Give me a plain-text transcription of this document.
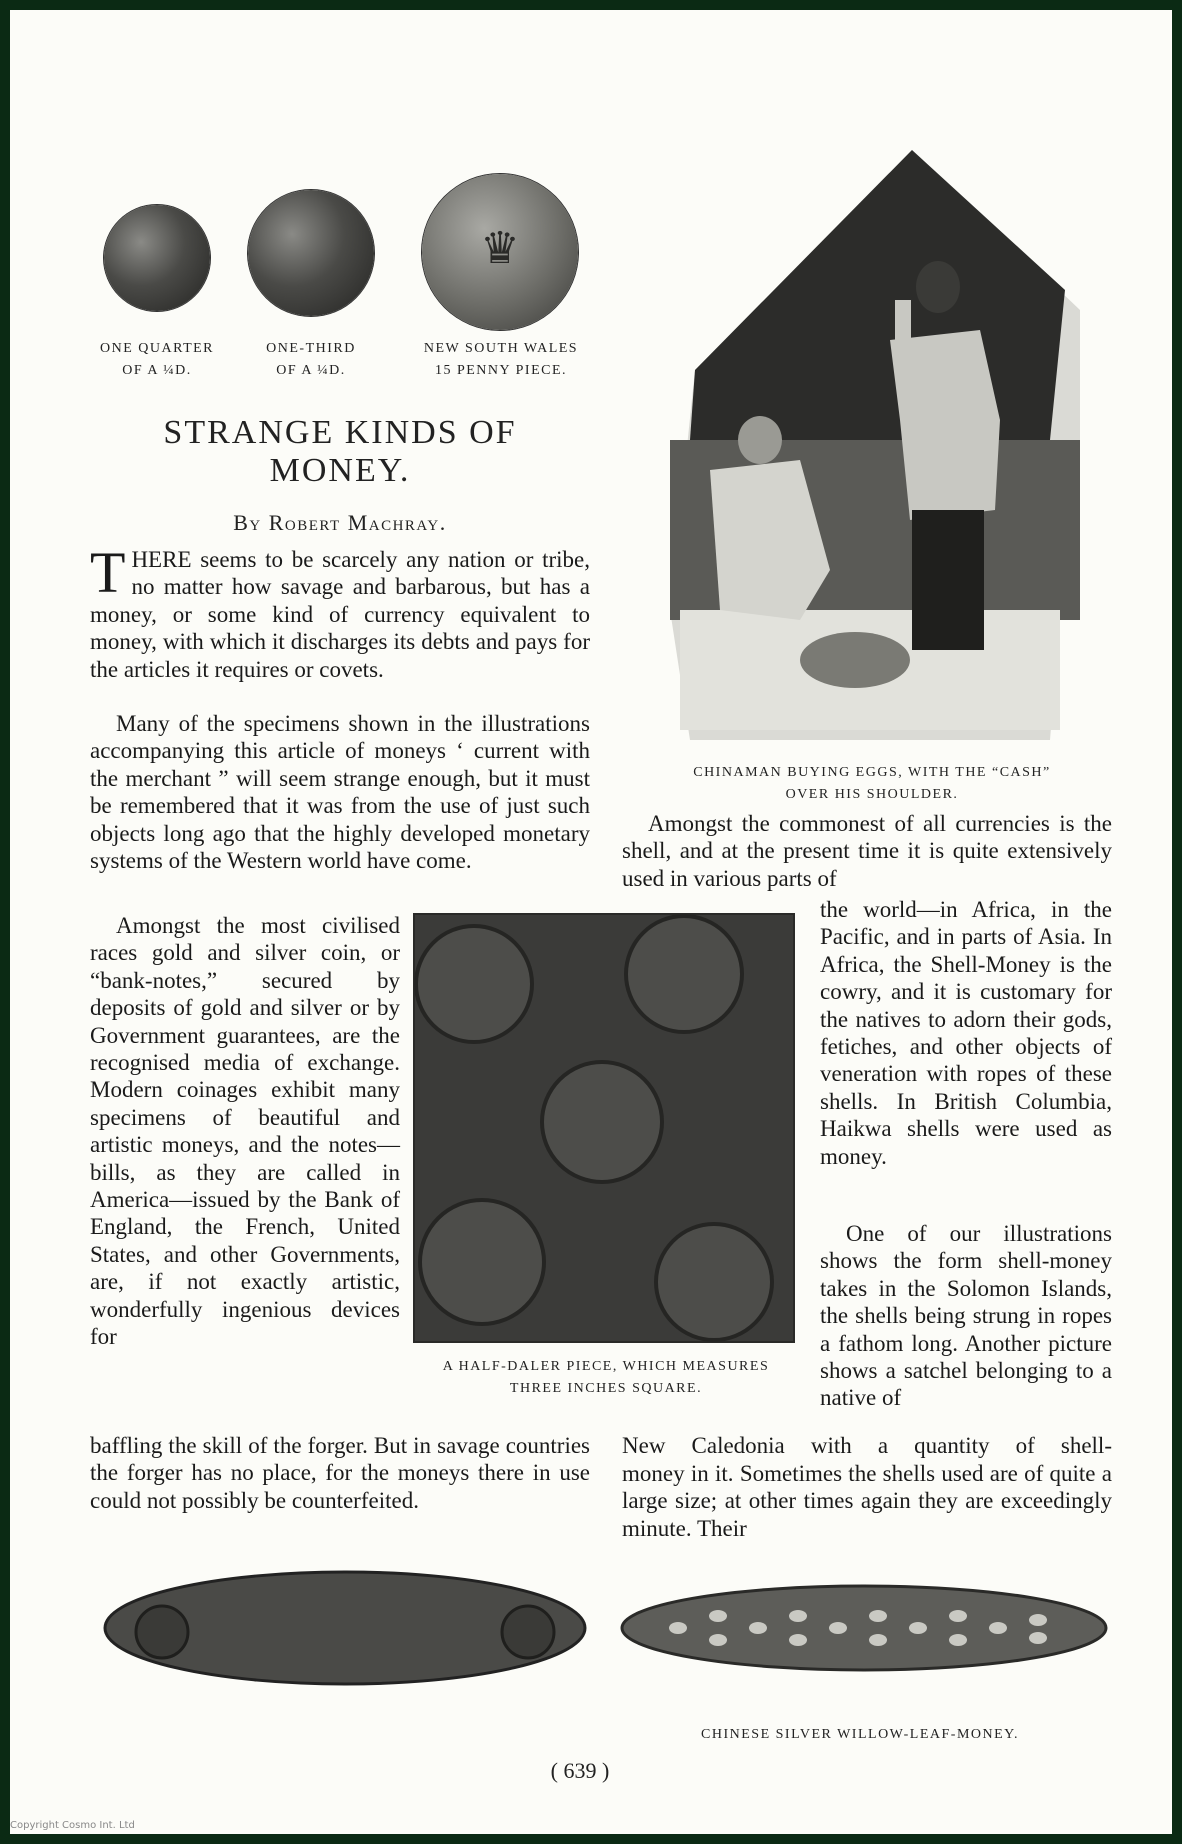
♛
ONE QUARTER
OF A ¼D.
ONE-THIRD
OF A ¼D.
NEW SOUTH WALES
15 PENNY PIECE.
STRANGE KINDS OF
MONEY.
By Robert Machray.
CHINAMAN BUYING EGGS, WITH THE “CASH”
OVER HIS SHOULDER.
A HALF-DALER PIECE, WHICH MEASURES
THREE INCHES SQUARE.

THERE seems to be scarcely any nation or tribe, no matter how savage and barbarous, but has a money, or some kind of currency equivalent to money, with which it discharges its debts and pays for the articles it requires or covets.

Many of the specimens shown in the illustrations accompanying this article of moneys ‘ current with the merchant ” will seem strange enough, but it must be remembered that it was from the use of just such objects long ago that the highly developed monetary systems of the Western world have come.
Amongst the most civilised races gold and silver coin, or “bank-notes,” secured by deposits of gold and silver or by Government guarantees, are the recognised media of exchange. Modern coinages exhibit many specimens of beautiful and artistic moneys, and the notes—bills, as they are called in America—issued by the Bank of England, the French, United States, and other Governments, are, if not exactly artistic, wonderfully ingenious devices for
baffling the skill of the forger. But in savage countries the forger has no place, for the moneys there in use could not possibly be counterfeited.
Amongst the commonest of all currencies is the shell, and at the present time it is quite extensively used in various parts of
the world—in Africa, in the Pacific, and in parts of Asia. In Africa, the Shell-Money is the cowry, and it is customary for the natives to adorn their gods, fetiches, and other objects of veneration with ropes of these shells. In British Columbia, Haikwa shells were used as money.
One of our illustrations shows the form shell-money takes in the Solomon Islands, the shells being strung in ropes a fathom long. Another picture shows a satchel belonging to a native of
New Caledonia with a quantity of shell-
money in it. Sometimes the shells used are of quite a large size; at other times again they are exceedingly minute. Their
CHINESE SILVER WILLOW-LEAF-MONEY.
( 639 )
Copyright Cosmo Int. Ltd
